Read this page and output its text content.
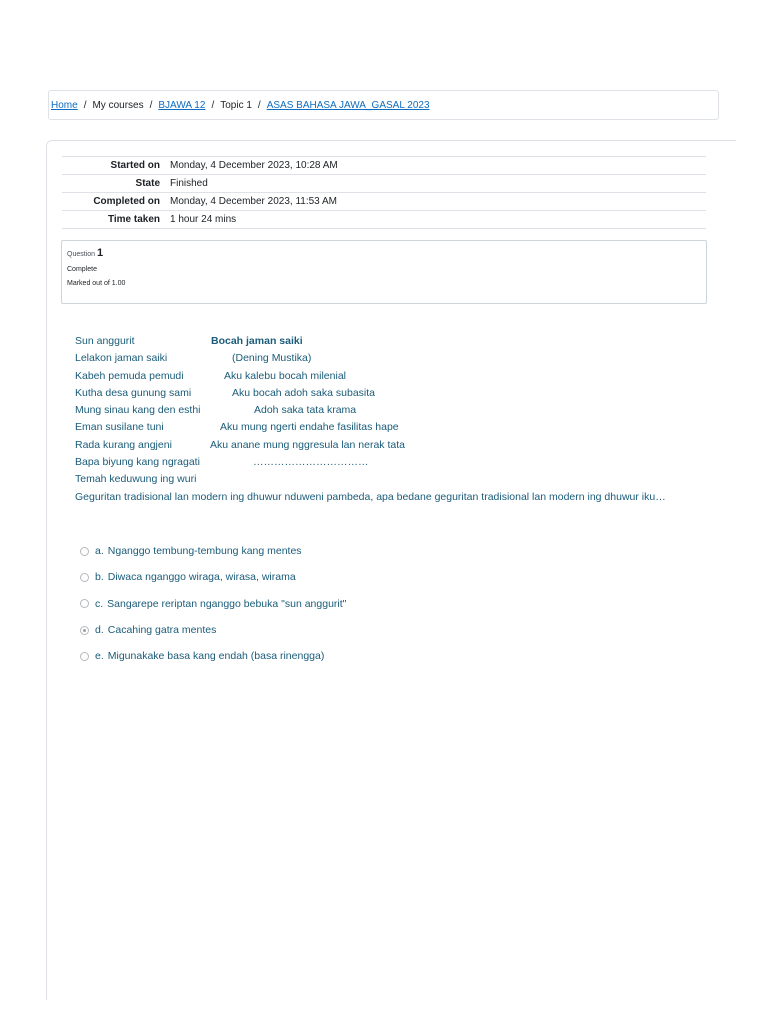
Home / My courses / BJAWA 12 / Topic 1 / ASAS BAHASA JAWA_GASAL 2023
Started on	Monday, 4 December 2023, 10:28 AM
State	Finished
Completed on	Monday, 4 December 2023, 11:53 AM
Time taken	1 hour 24 mins
Question 1
Complete
Marked out of 1.00
Sun anggurit	Bocah jaman saiki
Lelakon jaman saiki	(Dening Mustika)
Kabeh pemuda pemudi	Aku kalebu bocah milenial
Kutha desa gunung sami	Aku bocah adoh saka subasita
Mung sinau kang den esthi	Adoh saka tata krama
Eman susilane tuni	Aku mung ngerti endahe fasilitas hape
Rada kurang angjeni	Aku anane mung nggresula lan nerak tata
Bapa biyung kang ngragati	……………………………
Temah keduwung ing wuri
Geguritan tradisional lan modern ing dhuwur nduweni pambeda, apa bedane geguritan tradisional lan modern ing dhuwur iku…
a. Nganggo tembung-tembung kang mentes
b. Diwaca nganggo wiraga, wirasa, wirama
c. Sangarepe reriptan nganggo bebuka "sun anggurit"
d. Cacahing gatra mentes
e. Migunakake basa kang endah (basa rinengga)
